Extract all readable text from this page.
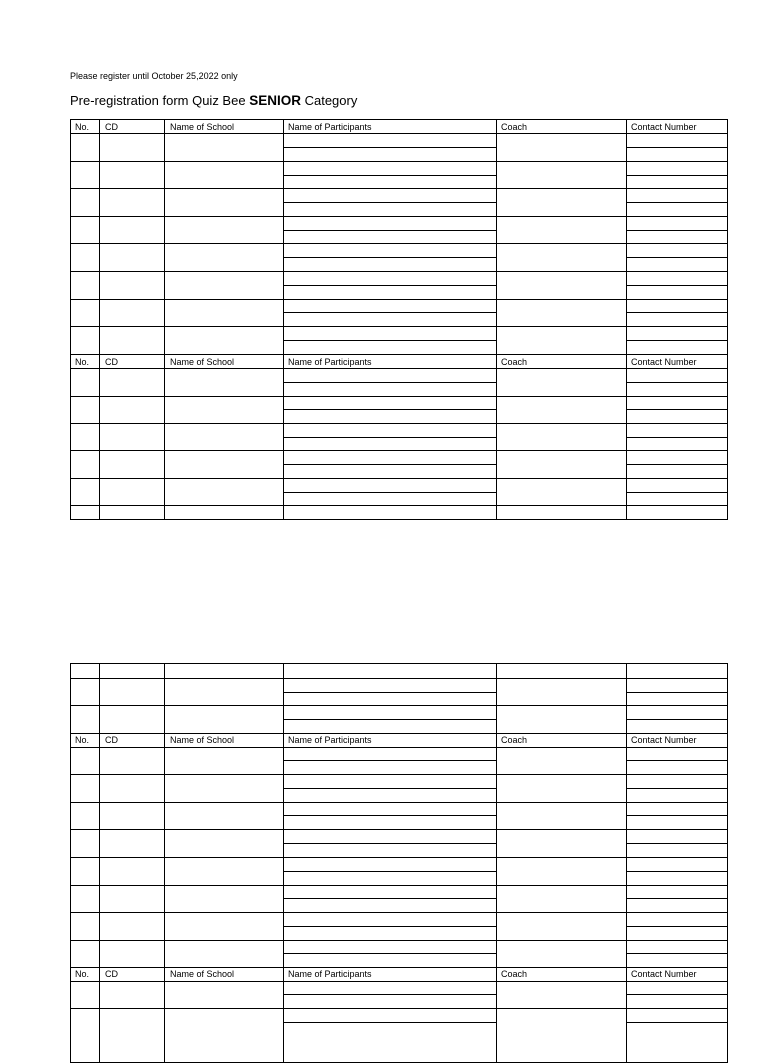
Please register until October 25,2022 only

Pre-registration form Quiz Bee SENIOR Category
No. CD	Name of School	Name of Participants	Coach	Contact Number
No. CD	Name of School	Name of Participants	Coach	Contact Number
No. CD	Name of School	Name of Participants	Coach	Contact Number
No. CD	Name of School	Name of Participants	Coach	Contact Number
